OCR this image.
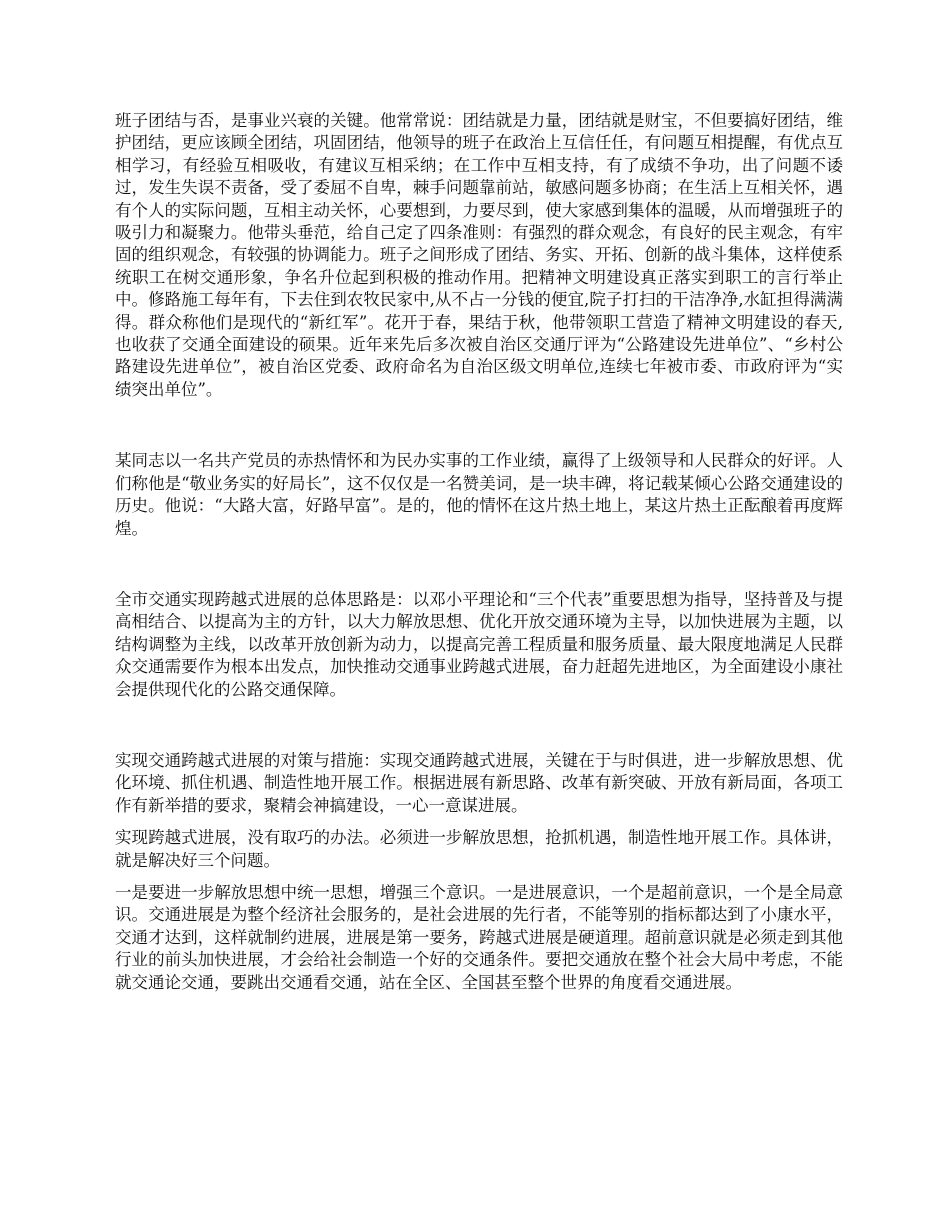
班子团结与否，是事业兴衰的关键。他常常说：团结就是力量，团结就是财宝，不但要搞好团结，维护团结，更应该顾全团结，巩固团结，他领导的班子在政治上互信任任，有问题互相提醒，有优点互相学习，有经验互相吸收，有建议互相采纳；在工作中互相支持，有了成绩不争功，出了问题不诿过，发生失误不责备，受了委屈不自卑，棘手问题靠前站，敏感问题多协商；在生活上互相关怀，遇有个人的实际问题，互相主动关怀，心要想到，力要尽到，使大家感到集体的温暖，从而增强班子的吸引力和凝聚力。他带头垂范，给自己定了四条准则：有强烈的群众观念，有良好的民主观念，有牢固的组织观念，有较强的协调能力。班子之间形成了团结、务实、开拓、创新的战斗集体，这样使系统职工在树交通形象，争名升位起到积极的推动作用。把精神文明建设真正落实到职工的言行举止中。修路施工每年有，下去住到农牧民家中,从不占一分钱的便宜,院子打扫的干洁净净,水缸担得满满得。群众称他们是现代的“新红军”。花开于春，果结于秋，他带领职工营造了精神文明建设的春天,也收获了交通全面建设的硕果。近年来先后多次被自治区交通厅评为“公路建设先进单位”、“乡村公路建设先进单位”，被自治区党委、政府命名为自治区级文明单位,连续七年被市委、市政府评为“实绩突出单位”。

某同志以一名共产党员的赤热情怀和为民办实事的工作业绩，赢得了上级领导和人民群众的好评。人们称他是“敬业务实的好局长”，这不仅仅是一名赞美词，是一块丰碑，将记载某倾心公路交通建设的历史。他说：“大路大富，好路早富”。是的，他的情怀在这片热土地上，某这片热土正酝酿着再度辉煌。

全市交通实现跨越式进展的总体思路是：以邓小平理论和“三个代表”重要思想为指导，坚持普及与提高相结合、以提高为主的方针，以大力解放思想、优化开放交通环境为主导，以加快进展为主题，以结构调整为主线，以改革开放创新为动力，以提高完善工程质量和服务质量、最大限度地满足人民群众交通需要作为根本出发点，加快推动交通事业跨越式进展，奋力赶超先进地区，为全面建设小康社会提供现代化的公路交通保障。

实现交通跨越式进展的对策与措施：实现交通跨越式进展，关键在于与时俱进，进一步解放思想、优化环境、抓住机遇、制造性地开展工作。根据进展有新思路、改革有新突破、开放有新局面，各项工作有新举措的要求，聚精会神搞建设，一心一意谋进展。

实现跨越式进展，没有取巧的办法。必须进一步解放思想，抢抓机遇，制造性地开展工作。具体讲，就是解决好三个问题。

一是要进一步解放思想中统一思想，增强三个意识。一是进展意识，一个是超前意识，一个是全局意识。交通进展是为整个经济社会服务的，是社会进展的先行者，不能等别的指标都达到了小康水平，交通才达到，这样就制约进展，进展是第一要务，跨越式进展是硬道理。超前意识就是必须走到其他行业的前头加快进展，才会给社会制造一个好的交通条件。要把交通放在整个社会大局中考虑，不能就交通论交通，要跳出交通看交通，站在全区、全国甚至整个世界的角度看交通进展。
